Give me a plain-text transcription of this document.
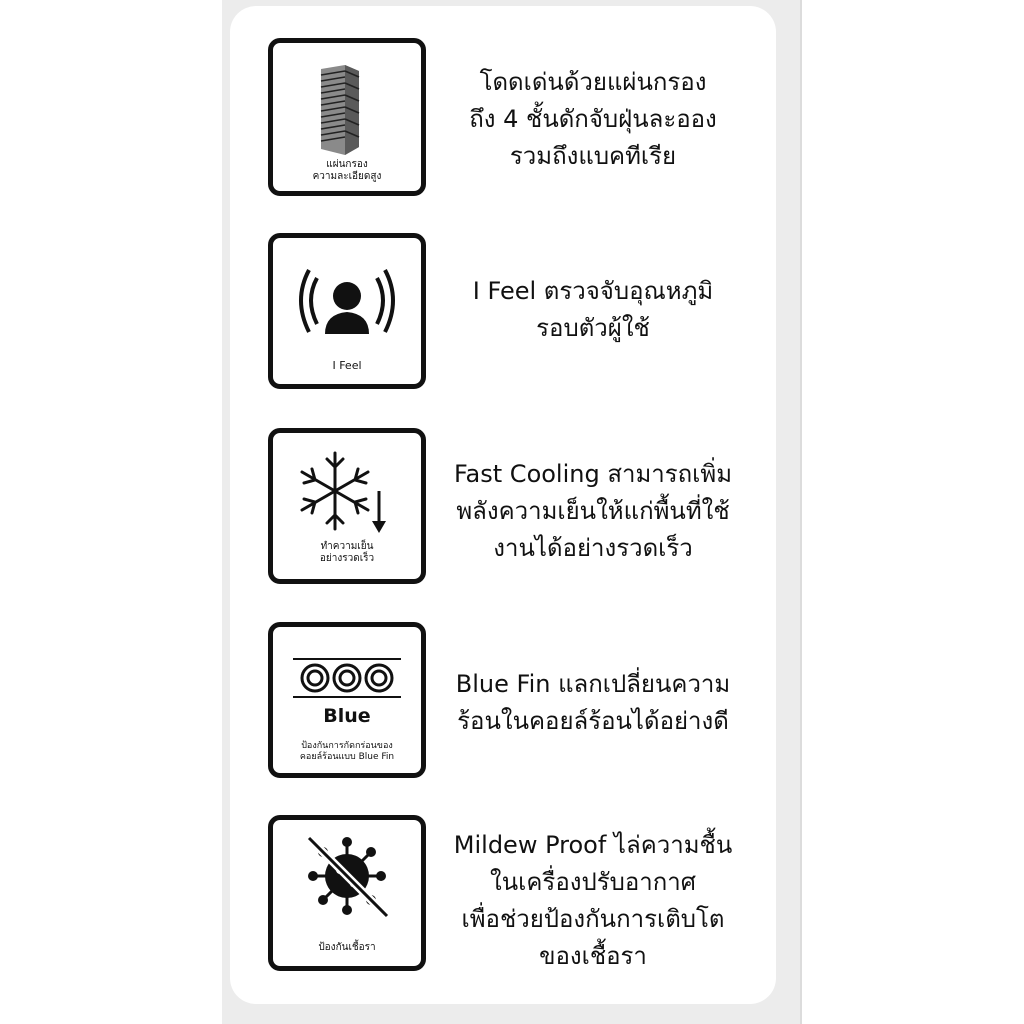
แผ่นกรอง
ความละเอียดสูง
โดดเด่นด้วยแผ่นกรอง
ถึง 4 ชั้นดักจับฝุ่นละออง
รวมถึงแบคทีเรีย
I Feel
I Feel ตรวจจับอุณหภูมิ
รอบตัวผู้ใช้
ทำความเย็น
อย่างรวดเร็ว
Fast Cooling สามารถเพิ่ม
พลังความเย็นให้แก่พื้นที่ใช้
งานได้อย่างรวดเร็ว
Blue
ป้องกันการกัดกร่อนของ
คอยล์ร้อนแบบ Blue Fin
Blue Fin แลกเปลี่ยนความ
ร้อนในคอยล์ร้อนได้อย่างดี
ป้องกันเชื้อรา
Mildew Proof ไล่ความชื้น
ในเครื่องปรับอากาศ
เพื่อช่วยป้องกันการเติบโต
ของเชื้อรา
